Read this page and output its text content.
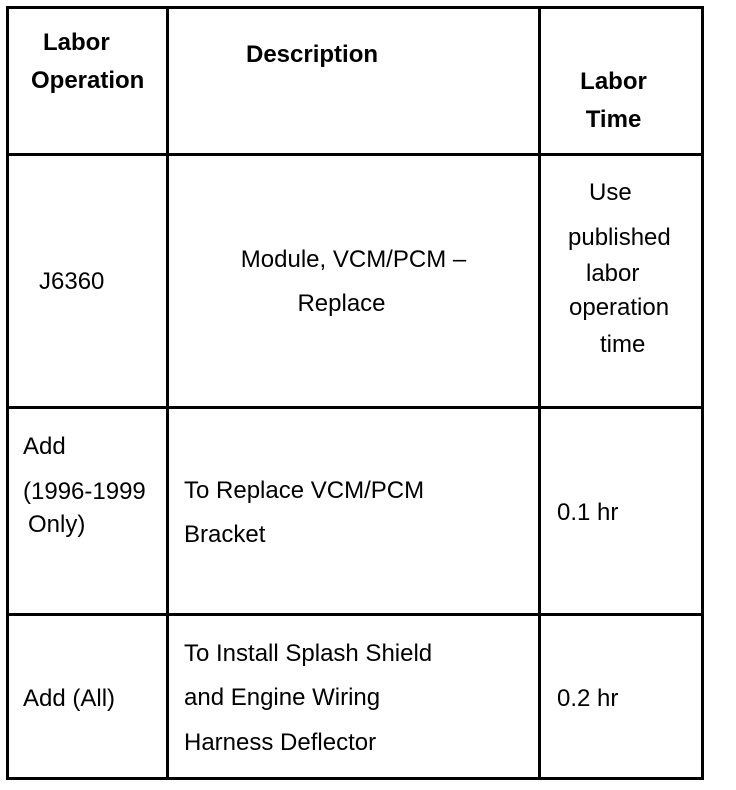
Labor
Operation
Description
Labor
Time
J6360
Module, VCM/PCM –
Replace
Use
published
labor
operation
time
Add
(1996-1999
Only)
To Replace VCM/PCM
Bracket
0.1 hr
Add (All)
To Install Splash Shield
and Engine Wiring
Harness Deflector
0.2 hr
